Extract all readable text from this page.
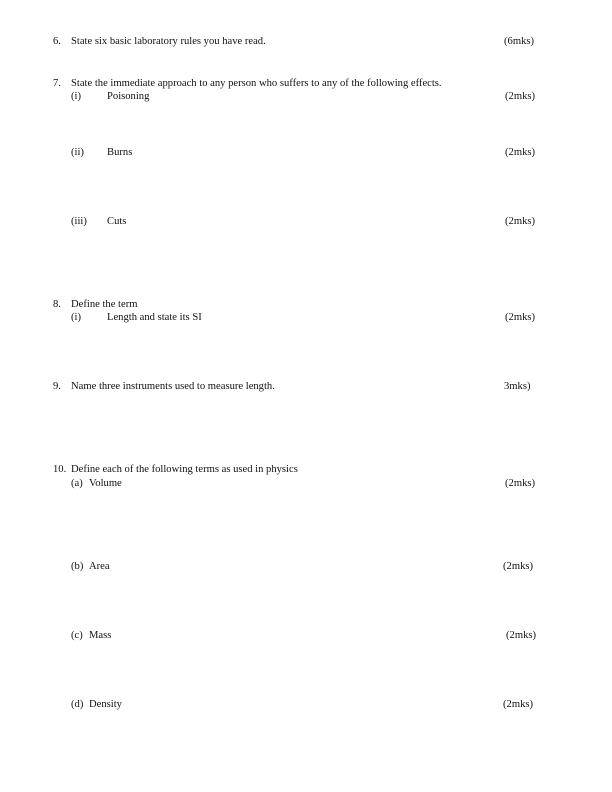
6. State six basic laboratory rules you have read.	(6mks)
7. State the immediate approach to any person who suffers to any of the following effects.
(i) Poisoning	(2mks)
(ii) Burns	(2mks)
(iii) Cuts	(2mks)
8. Define the term
(i) Length and state its SI	(2mks)
9. Name three instruments used to measure length.	3mks)
10. Define each of the following terms as used in physics
(a) Volume	(2mks)
(b) Area	(2mks)
(c) Mass	(2mks)
(d) Density	(2mks)
